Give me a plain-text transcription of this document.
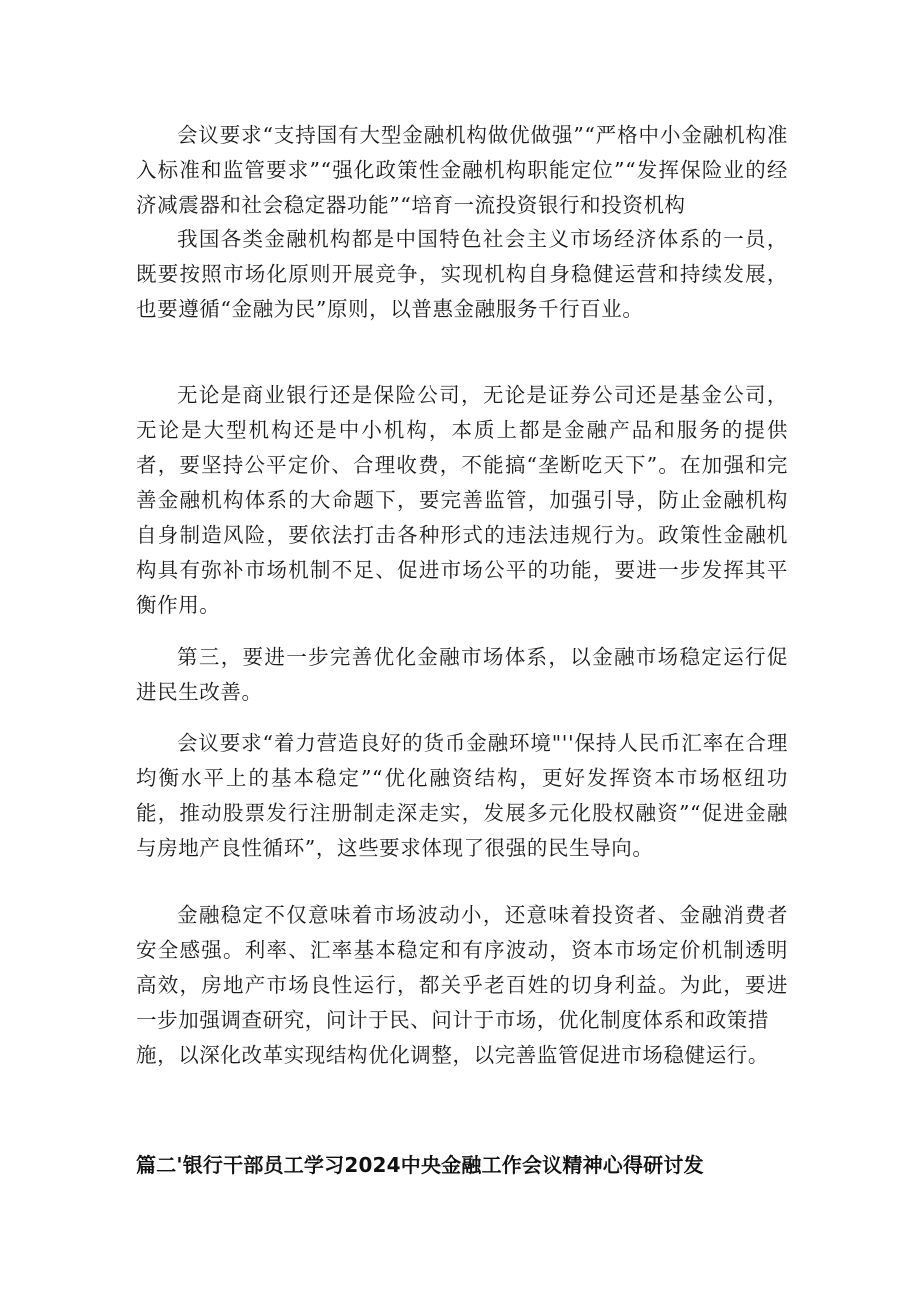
会议要求“支持国有大型金融机构做优做强”“严格中小金融机构准入标准和监管要求”“强化政策性金融机构职能定位”“发挥保险业的经济减震器和社会稳定器功能”“培育一流投资银行和投资机构

我国各类金融机构都是中国特色社会主义市场经济体系的一员，既要按照市场化原则开展竞争，实现机构自身稳健运营和持续发展，也要遵循“金融为民”原则，以普惠金融服务千行百业。

无论是商业银行还是保险公司，无论是证券公司还是基金公司，无论是大型机构还是中小机构，本质上都是金融产品和服务的提供者，要坚持公平定价、合理收费，不能搞“垄断吃天下”。在加强和完善金融机构体系的大命题下，要完善监管，加强引导，防止金融机构自身制造风险，要依法打击各种形式的违法违规行为。政策性金融机构具有弥补市场机制不足、促进市场公平的功能，要进一步发挥其平衡作用。

第三，要进一步完善优化金融市场体系，以金融市场稳定运行促进民生改善。

会议要求“着力营造良好的货币金融环境"''保持人民币汇率在合理均衡水平上的基本稳定”“优化融资结构，更好发挥资本市场枢纽功能，推动股票发行注册制走深走实，发展多元化股权融资”“促进金融与房地产良性循环”，这些要求体现了很强的民生导向。

金融稳定不仅意味着市场波动小，还意味着投资者、金融消费者安全感强。利率、汇率基本稳定和有序波动，资本市场定价机制透明高效，房地产市场良性运行，都关乎老百姓的切身利益。为此，要进一步加强调查研究，问计于民、问计于市场，优化制度体系和政策措
施，以深化改革实现结构优化调整，以完善监管促进市场稳健运行。

篇二'银行干部员工学习2024中央金融工作会议精神心得研讨发
